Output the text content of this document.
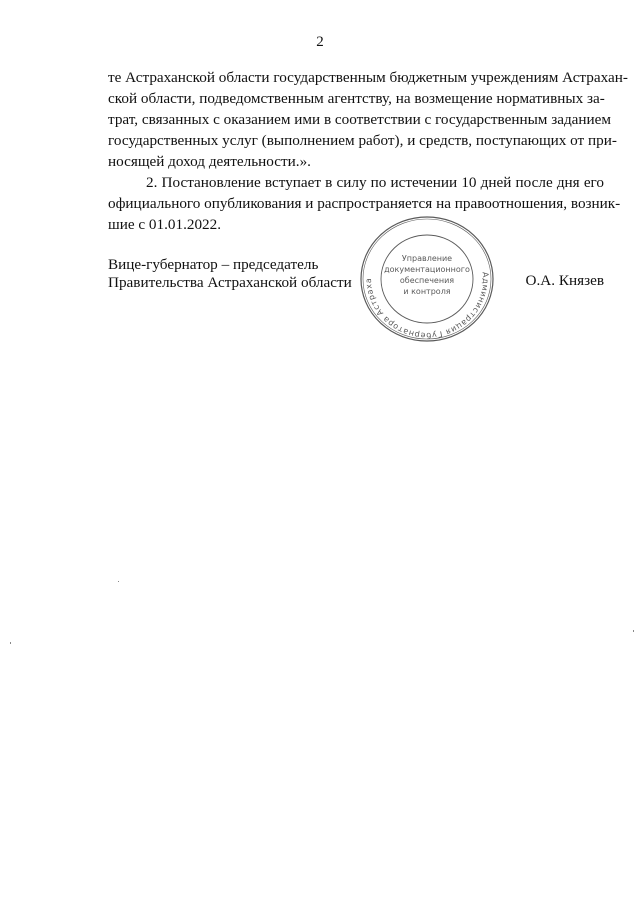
2
те Астраханской области государственным бюджетным учреждениям Астрахан-
ской области, подведомственным агентству, на возмещение нормативных за-
трат, связанных с оказанием ими в соответствии с государственным заданием
государственных услуг (выполнением работ), и средств, поступающих от при-
носящей доход деятельности.».
2. Постановление вступает в силу по истечении 10 дней после дня его
официального опубликования и распространяется на правоотношения, возник-
шие с 01.01.2022.
Вице-губернатор – председатель
Правительства Астраханской области	О.А. Князев
Администрация Губернатора Астраха
Управление
документационного
обеспечения
и контроля
